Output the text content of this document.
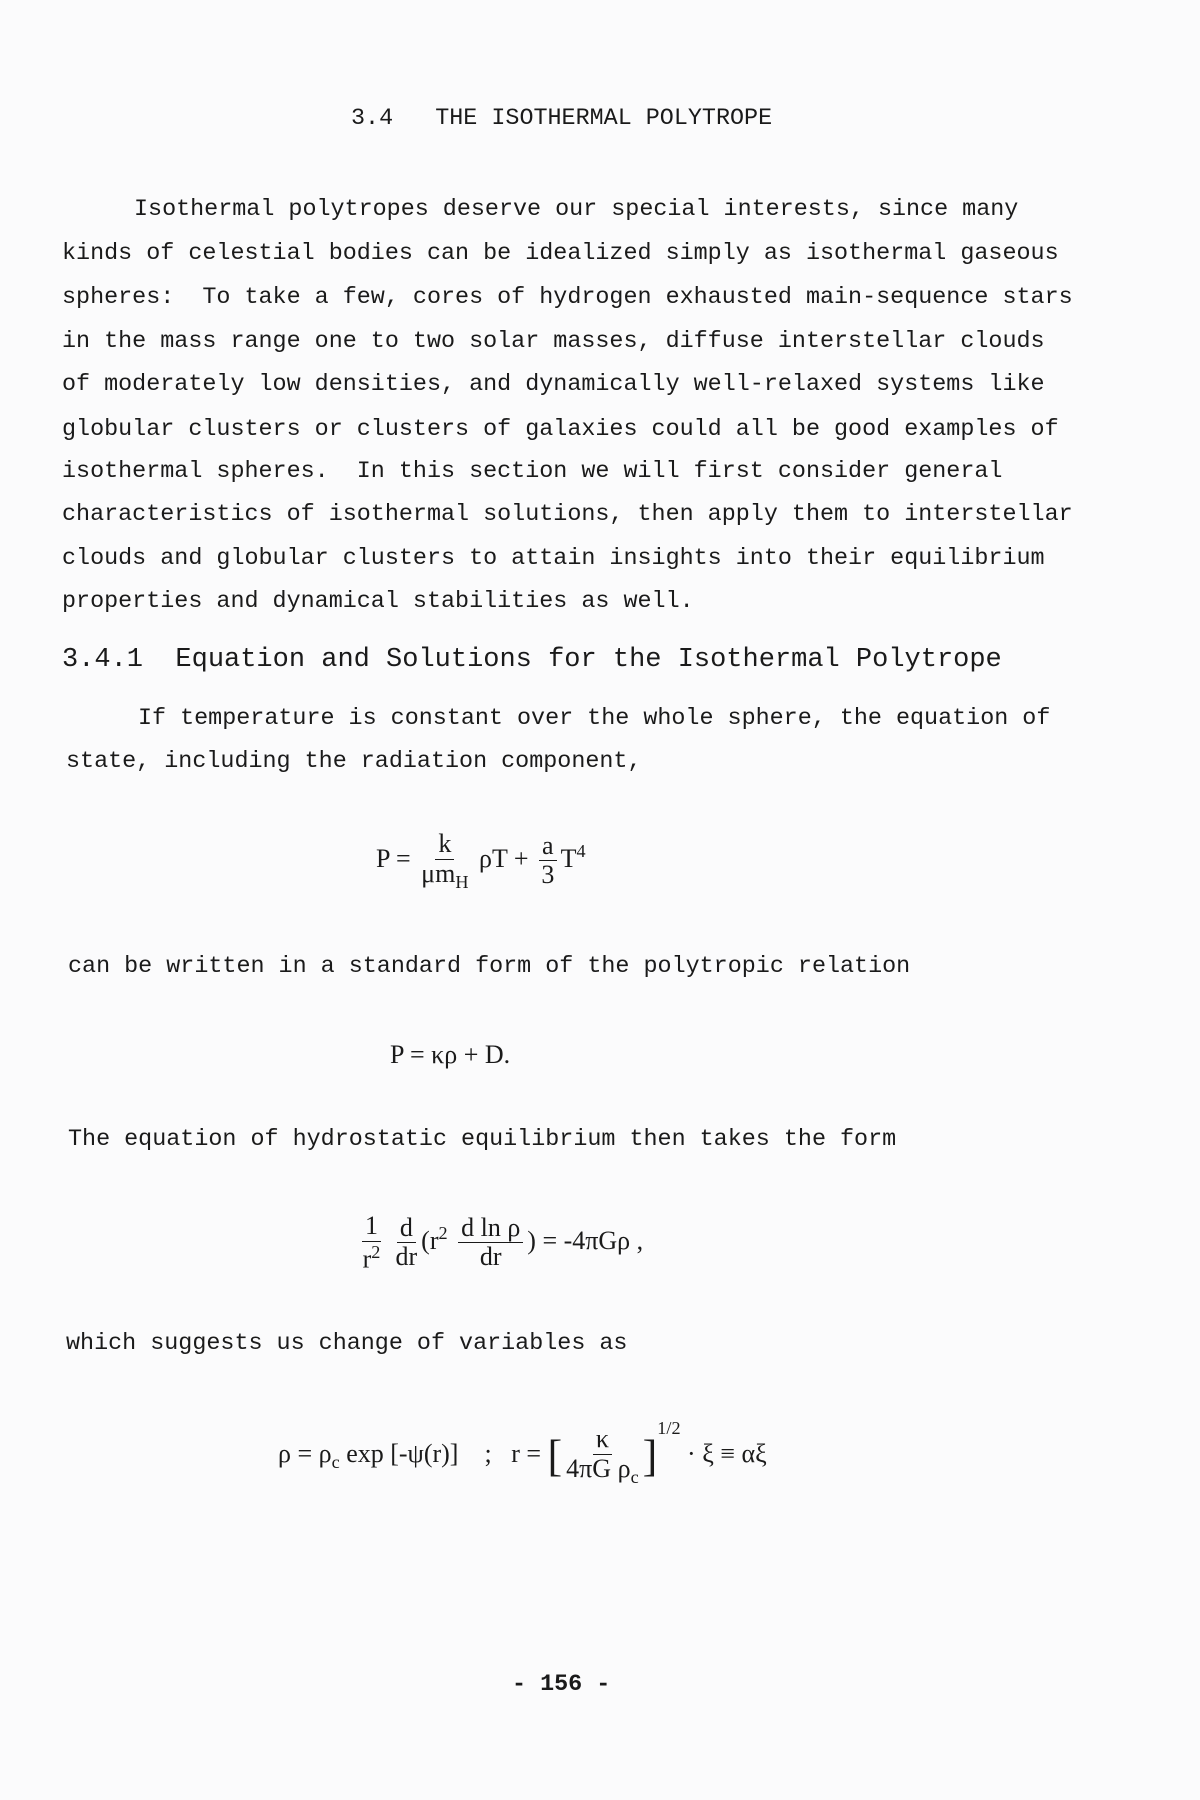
3.4   THE ISOTHERMAL POLYTROPE
Isothermal polytropes deserve our special interests, since many
kinds of celestial bodies can be idealized simply as isothermal gaseous
spheres:  To take a few, cores of hydrogen exhausted main-sequence stars
in the mass range one to two solar masses, diffuse interstellar clouds
of moderately low densities, and dynamically well-relaxed systems like
globular clusters or clusters of galaxies could all be good examples of
isothermal spheres.  In this section we will first consider general
characteristics of isothermal solutions, then apply them to interstellar
clouds and globular clusters to attain insights into their equilibrium
properties and dynamical stabilities as well.
3.4.1  Equation and Solutions for the Isothermal Polytrope
If temperature is constant over the whole sphere, the equation of
state, including the radiation component,
$P = \frac{k}{\mu m_H}$ $\rho T + \frac{a}{3} T^4$
can be written in a standard form of the polytropic relation
P = κρ + D.
The equation of hydrostatic equilibrium then takes the form
$\frac{1}{r^2}$
$\frac{d}{dr} (r^2 \frac{\text{d ln ρ}}{dr}$ ) = -4πGρ ,
which suggests us change of variables as
$\rho = \rho_c$ exp [-ψ(r)]    ;   r = [ $\frac{\kappa}{4\pi G \rho_c} ]^{1/2} \cdot \xi \equiv \alpha\xi$
- 156 -
